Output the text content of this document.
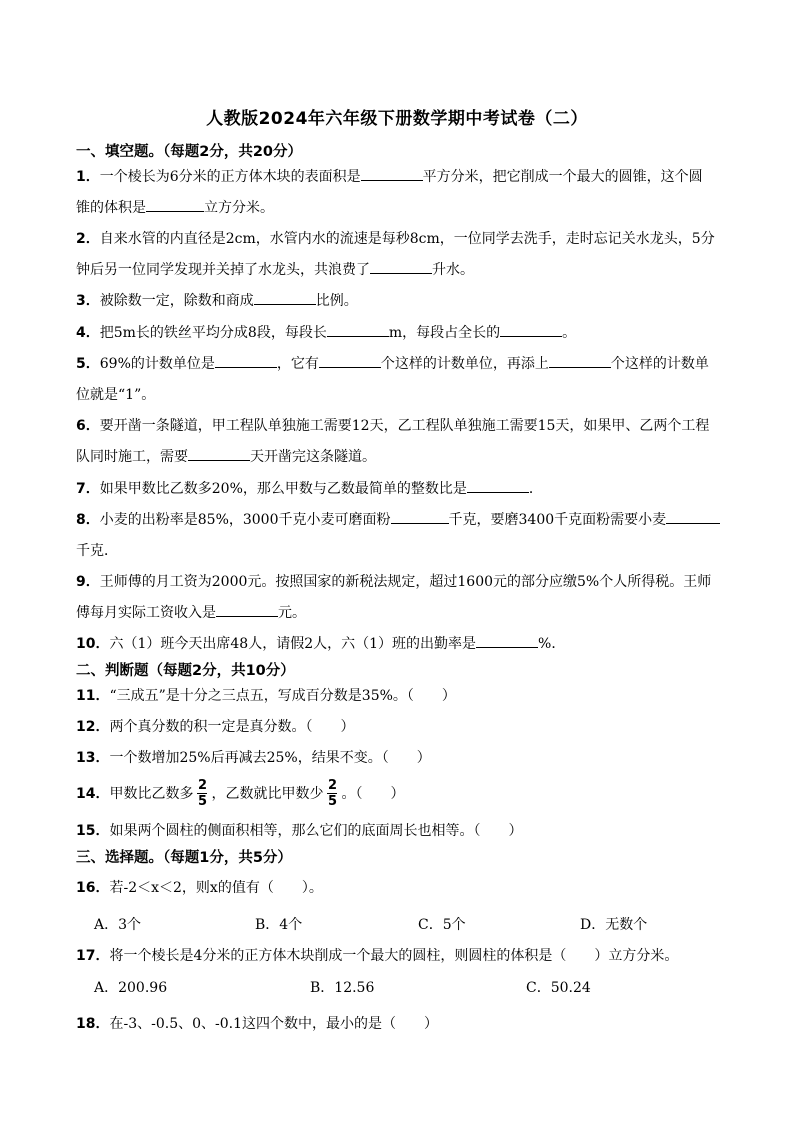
人教版2024年六年级下册数学期中考试卷（二）
一、填空题。（每题2分，共20分）
1．一个棱长为6分米的正方体木块的表面积是	平方分米，把它削成一个最大的圆锥，这个圆
锥的体积是	立方分米。
2．自来水管的内直径是2cm，水管内水的流速是每秒8cm，一位同学去洗手，走时忘记关水龙头，5分
钟后另一位同学发现并关掉了水龙头，共浪费了	升水。
3．被除数一定，除数和商成	比例。
4．把5m长的铁丝平均分成8段，每段长	m，每段占全长的	。
5．69%的计数单位是	，它有	个这样的计数单位，再添上	个这样的计数单
位就是“1”。
6．要开凿一条隧道，甲工程队单独施工需要12天，乙工程队单独施工需要15天，如果甲、乙两个工程
队同时施工，需要	天开凿完这条隧道。
7．如果甲数比乙数多20%，那么甲数与乙数最简单的整数比是	．
8．小麦的出粉率是85%，3000千克小麦可磨面粉	千克，要磨3400千克面粉需要小麦
千克．
9．王师傅的月工资为2000元。按照国家的新税法规定，超过1600元的部分应缴5%个人所得税。王师
傅每月实际工资收入是	元。
10．六（1）班今天出席48人，请假2人，六（1）班的出勤率是	%．
二、判断题（每题2分，共10分）
11．“三成五”是十分之三点五，写成百分数是35%。（　　）
12．两个真分数的积一定是真分数。（　　）
13．一个数增加25%后再减去25%，结果不变。（　　）
14． 甲数比乙数多 $\frac{2}{5}$ ，乙数就比甲数少 $\frac{2}{5}$ 。（　　）
15．如果两个圆柱的侧面积相等，那么它们的底面周长也相等。（　　）
三、选择题。（每题1分，共5分）
16．若-2＜x＜2，则x的值有（　　）。
A．3个	B．4个	C．5个	D．无数个
17．将一个棱长是4分米的正方体木块削成一个最大的圆柱，则圆柱的体积是（　　）立方分米。
A．200.96	B．12.56	C．50.24
18．在-3、-0.5、0、-0.1这四个数中，最小的是（　　）
